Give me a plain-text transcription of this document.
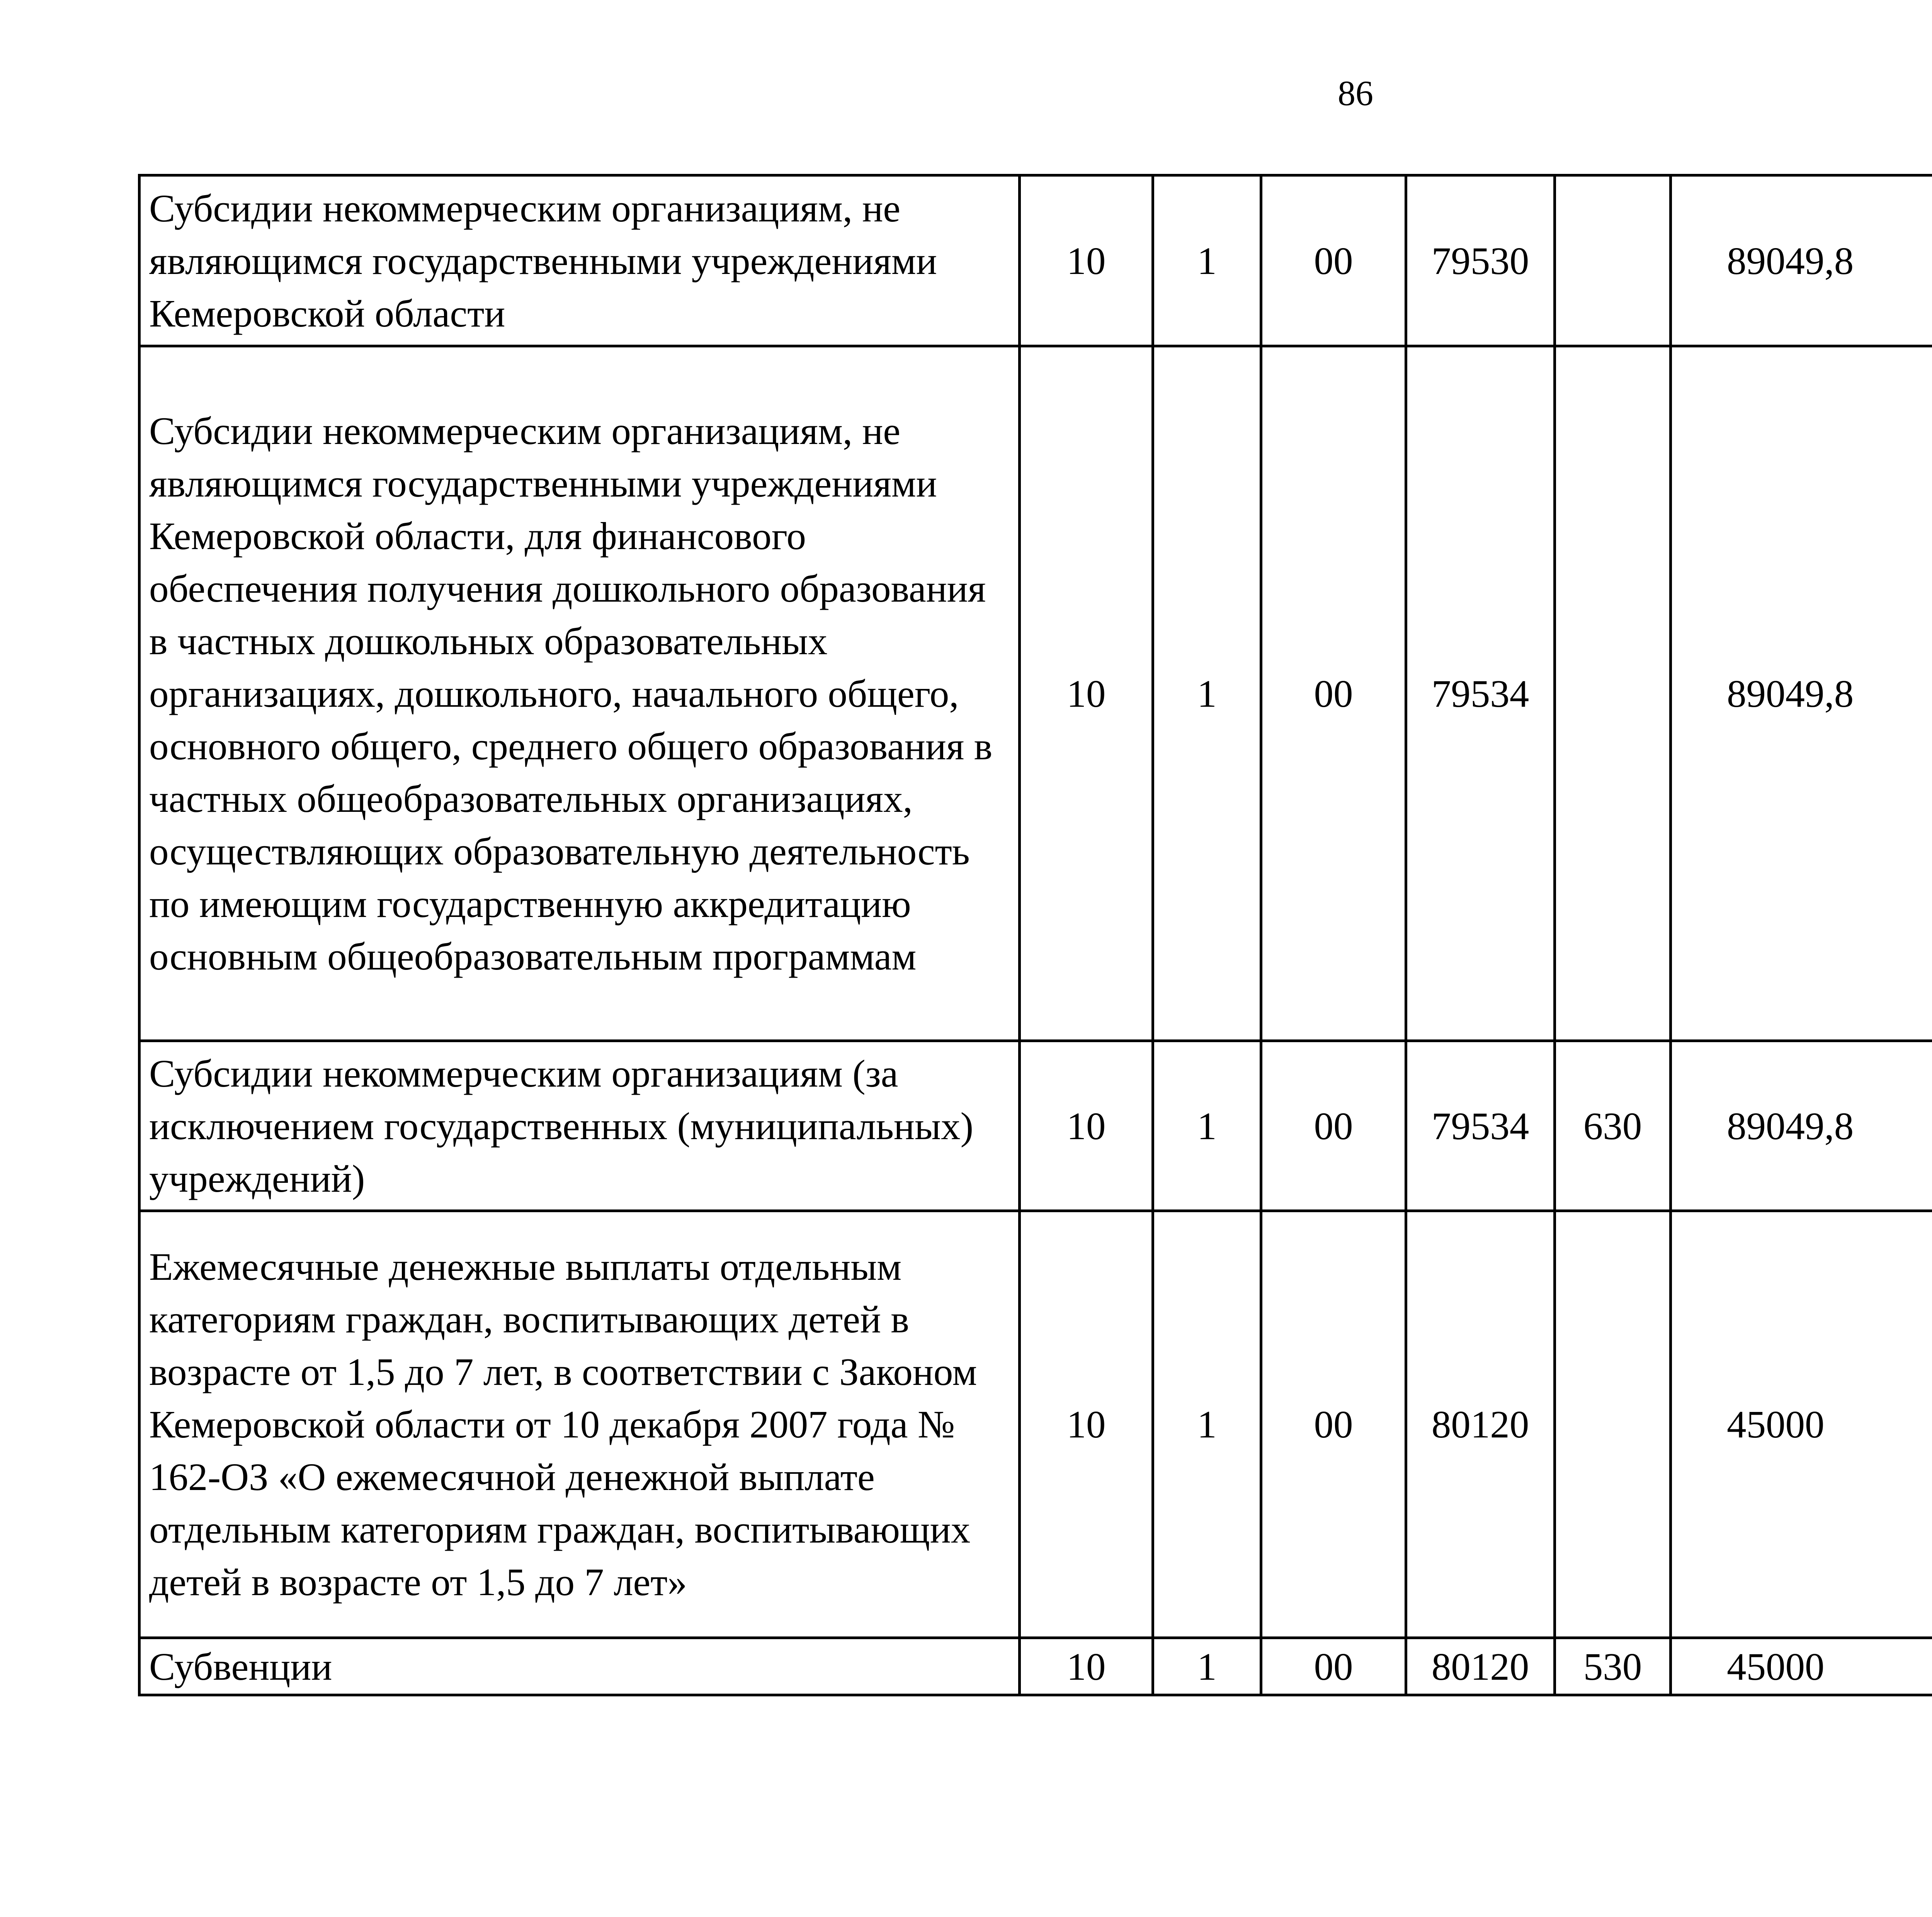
86
Субсидии некоммерческим организациям, не являющимся государственными учреждениями Кемеровской области	10	1	00	79530		89049,8		
Субсидии некоммерческим организациям, не являющимся государственными учреждениями Кемеровской области, для финансового обеспечения получения дошкольного образования в частных дошкольных образовательных организациях, дошкольного, начального общего, основного общего, среднего общего образования в частных общеобразовательных организациях, осуществляющих образовательную деятельность по имеющим государственную аккредитацию основным общеобразовательным программам	10	1	00	79534		89049,8		
Субсидии некоммерческим организациям (за исключением государственных (муниципальных) учреждений)	10	1	00	79534	630	89049,8		
Ежемесячные денежные выплаты отдельным категориям граждан, воспитывающих детей в возрасте от 1,5 до 7 лет, в соответствии с Законом Кемеровской области от 10 декабря 2007 года № 162-ОЗ «О ежемесячной денежной выплате отдельным категориям граждан, воспитывающих детей в возрасте от 1,5 до 7 лет»	10	1	00	80120		45000		
Субвенции	10	1	00	80120	530	45000		
